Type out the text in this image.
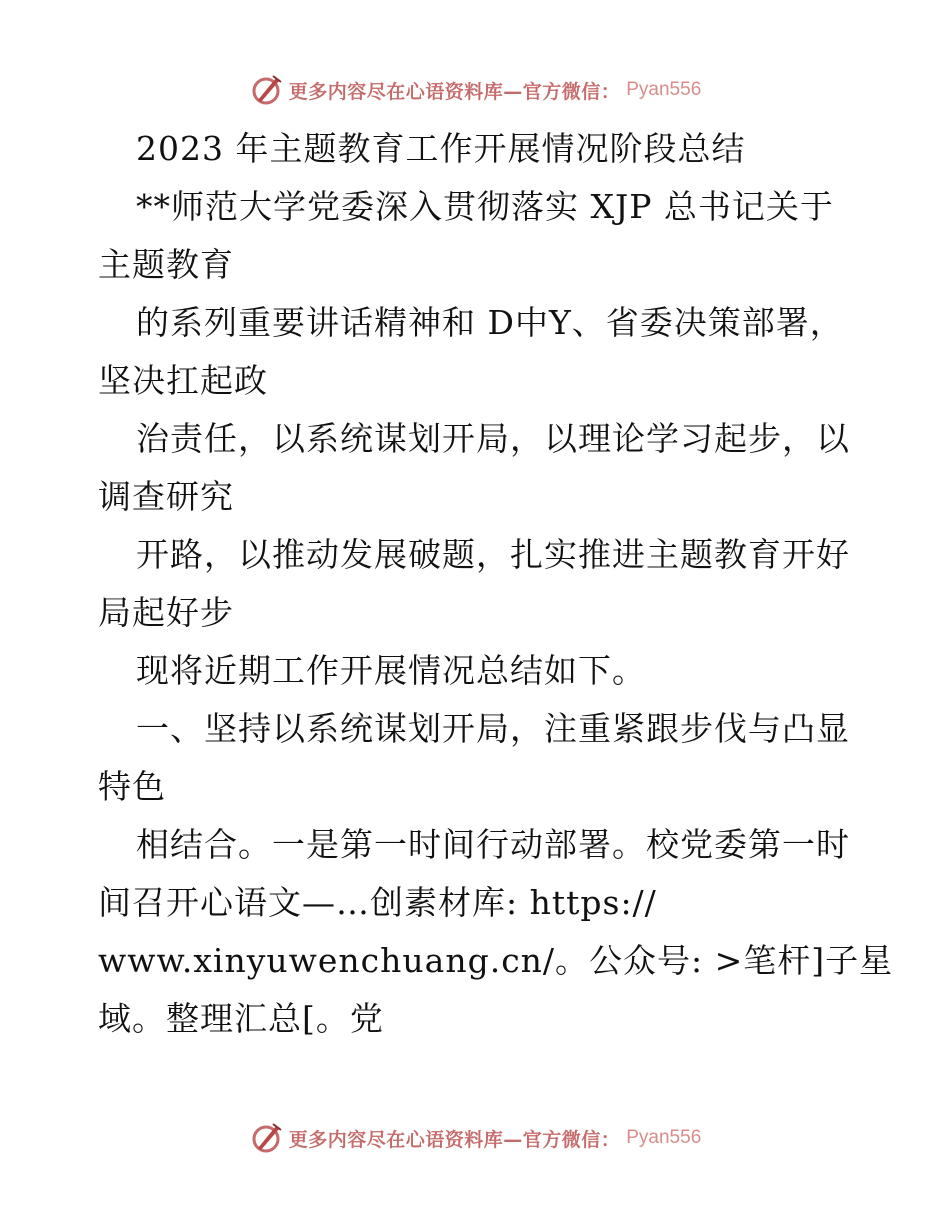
更多内容尽在心语资料库—官方微信： Pyan556
2023 年主题教育工作开展情况阶段总结
**师范大学党委深入贯彻落实 XJP 总书记关于
主题教育
的系列重要讲话精神和 D中Y、省委决策部署，
坚决扛起政
治责任，以系统谋划开局，以理论学习起步，以
调查研究
开路，以推动发展破题，扎实推进主题教育开好
局起好步
现将近期工作开展情况总结如下。
一、坚持以系统谋划开局，注重紧跟步伐与凸显
特色
相结合。一是第一时间行动部署。校党委第一时
间召开心语文—…创素材库: https://
www.xinyuwenchuang.cn/。公众号: >笔杆]子星
域。整理汇总[。党
更多内容尽在心语资料库—官方微信： Pyan556
